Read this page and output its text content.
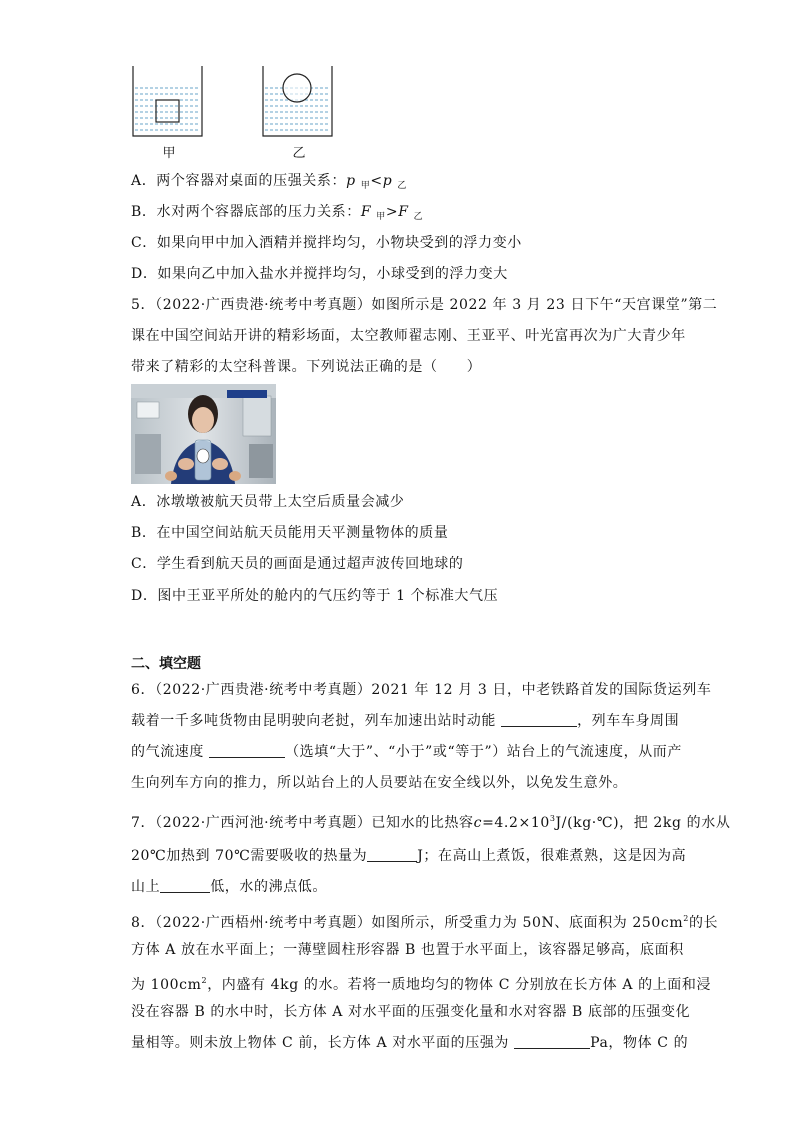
甲	乙
A．两个容器对桌面的压强关系：p $_甲$<p $_乙$
B．水对两个容器底部的压力关系：F $_甲$>F $_乙$
C．如果向甲中加入酒精并搅拌均匀，小物块受到的浮力变小
D．如果向乙中加入盐水并搅拌均匀，小球受到的浮力变大
5．（2022·广西贵港·统考中考真题）如图所示是 2022 年 3 月 23 日下午“天宫课堂”第二
课在中国空间站开讲的精彩场面，太空教师翟志刚、王亚平、叶光富再次为广大青少年
带来了精彩的太空科普课。下列说法正确的是（　　）
A．冰墩墩被航天员带上太空后质量会减少
B．在中国空间站航天员能用天平测量物体的质量
C．学生看到航天员的画面是通过超声波传回地球的
D．图中王亚平所处的舱内的气压约等于 1 个标准大气压
二、填空题
6．（2022·广西贵港·统考中考真题）2021 年 12 月 3 日，中老铁路首发的国际货运列车
载着一千多吨货物由昆明驶向老挝，列车加速出站时动能	，列车车身周围
的气流速度	（选填“大于”、“小于”或“等于”）站台上的气流速度，从而产
生向列车方向的推力，所以站台上的人员要站在安全线以外，以免发生意外。
7．（2022·广西河池·统考中考真题）已知水的比热容$c=4.2\times 10^3J/(kg\cdot℃)$，把 2kg 的水从
20℃加热到 70℃需要吸收的热量为	J；在高山上煮饭，很难煮熟，这是因为高
山上	低，水的沸点低。
8．（2022·广西梧州·统考中考真题）如图所示，所受重力为 50N、底面积为 $250cm^2$的长
方体 A 放在水平面上；一薄壁圆柱形容器 B 也置于水平面上，该容器足够高，底面积
为 $100cm^2$，内盛有 4kg 的水。若将一质地均匀的物体 C 分别放在长方体 A 的上面和浸
没在容器 B 的水中时，长方体 A 对水平面的压强变化量和水对容器 B 底部的压强变化
量相等。则未放上物体 C 前，长方体 A 对水平面的压强为	Pa，物体 C 的
